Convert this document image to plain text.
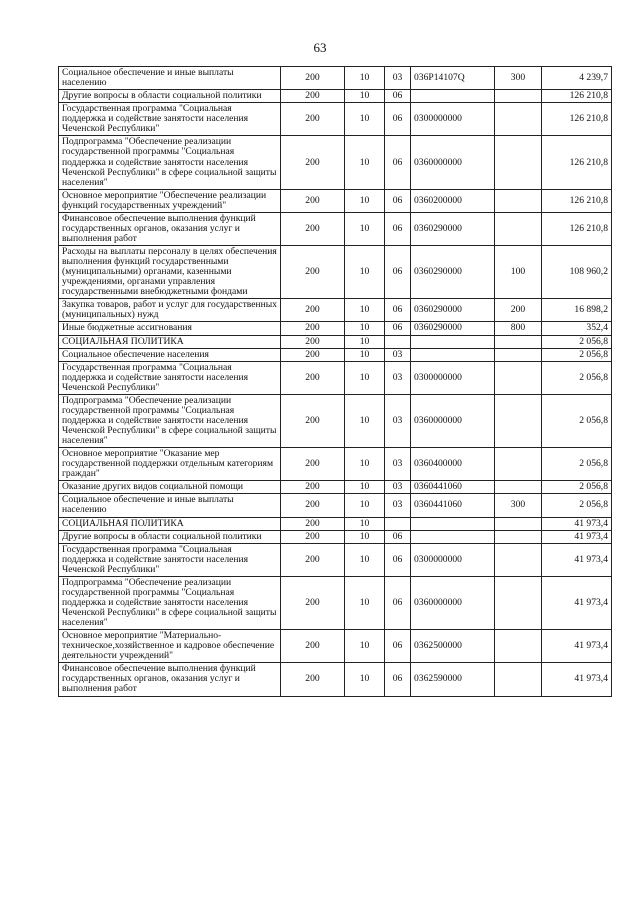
63
Социальное обеспечение и иные выплаты населению	200	10	03	036P14107Q	300	4 239,7
Другие вопросы в области социальной политики	200	10	06			126 210,8
Государственная программа "Социальная поддержка и содействие занятости населения Чеченской Республики"	200	10	06	0300000000		126 210,8
Подпрограмма "Обеспечение реализации государственной программы "Социальная поддержка и содействие занятости населения Чеченской Республики" в сфере социальной защиты населения"	200	10	06	0360000000		126 210,8
Основное мероприятие "Обеспечение реализации функций государственных учреждений"	200	10	06	0360200000		126 210,8
Финансовое обеспечение выполнения функций государственных органов, оказания услуг и выполнения работ	200	10	06	0360290000		126 210,8
Расходы на выплаты персоналу в целях обеспечения выполнения функций государственными (муниципальными) органами, казенными учреждениями, органами управления государственными внебюджетными фондами	200	10	06	0360290000	100	108 960,2
Закупка товаров, работ и услуг для государственных (муниципальных) нужд	200	10	06	0360290000	200	16 898,2
Иные бюджетные ассигнования	200	10	06	0360290000	800	352,4
СОЦИАЛЬНАЯ ПОЛИТИКА	200	10				2 056,8
Социальное обеспечение населения	200	10	03			2 056,8
Государственная программа "Социальная поддержка и содействие занятости населения Чеченской Республики"	200	10	03	0300000000		2 056,8
Подпрограмма "Обеспечение реализации государственной программы "Социальная поддержка и содействие занятости населения Чеченской Республики" в сфере социальной защиты населения"	200	10	03	0360000000		2 056,8
Основное мероприятие "Оказание мер государственной поддержки отдельным категориям граждан"	200	10	03	0360400000		2 056,8
Оказание других видов социальной помощи	200	10	03	0360441060		2 056,8
Социальное обеспечение и иные выплаты населению	200	10	03	0360441060	300	2 056,8
СОЦИАЛЬНАЯ ПОЛИТИКА	200	10				41 973,4
Другие вопросы в области социальной политики	200	10	06			41 973,4
Государственная программа "Социальная поддержка и содействие занятости населения Чеченской Республики"	200	10	06	0300000000		41 973,4
Подпрограмма "Обеспечение реализации государственной программы "Социальная поддержка и содействие занятости населения Чеченской Республики" в сфере социальной защиты населения"	200	10	06	0360000000		41 973,4
Основное мероприятие "Материально-техническое,хозяйственное и кадровое обеспечение деятельности учреждений"	200	10	06	0362500000		41 973,4
Финансовое обеспечение выполнения функций государственных органов, оказания услуг и выполнения работ	200	10	06	0362590000		41 973,4
